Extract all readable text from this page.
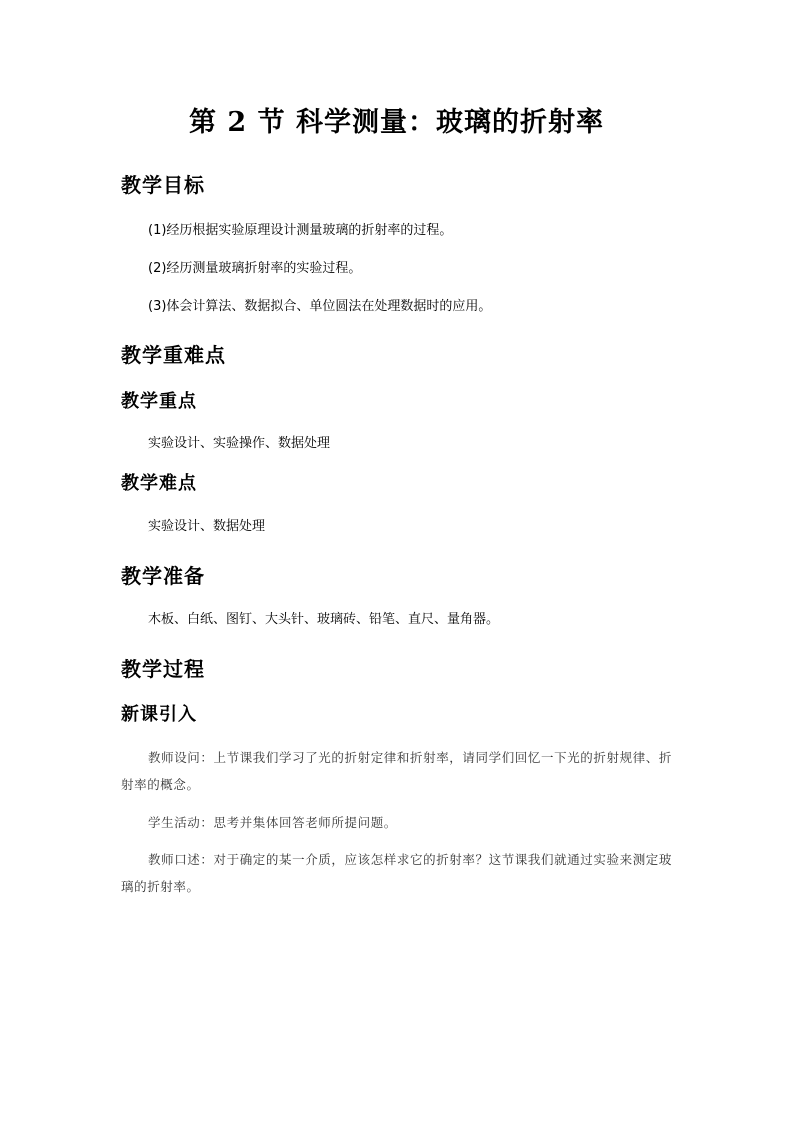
第 2 节 科学测量：玻璃的折射率
教学目标

(1)经历根据实验原理设计测量玻璃的折射率的过程。

(2)经历测量玻璃折射率的实验过程。

(3)体会计算法、数据拟合、单位圆法在处理数据时的应用。

教学重难点
教学重点

实验设计、实验操作、数据处理

教学难点

实验设计、数据处理

教学准备

木板、白纸、图钉、大头针、玻璃砖、铅笔、直尺、量角器。

教学过程
新课引入

教师设问：上节课我们学习了光的折射定律和折射率，请同学们回忆一下光的折射规律、折射率的概念。

学生活动：思考并集体回答老师所提问题。

教师口述：对于确定的某一介质，应该怎样求它的折射率？这节课我们就通过实验来测定玻璃的折射率。
